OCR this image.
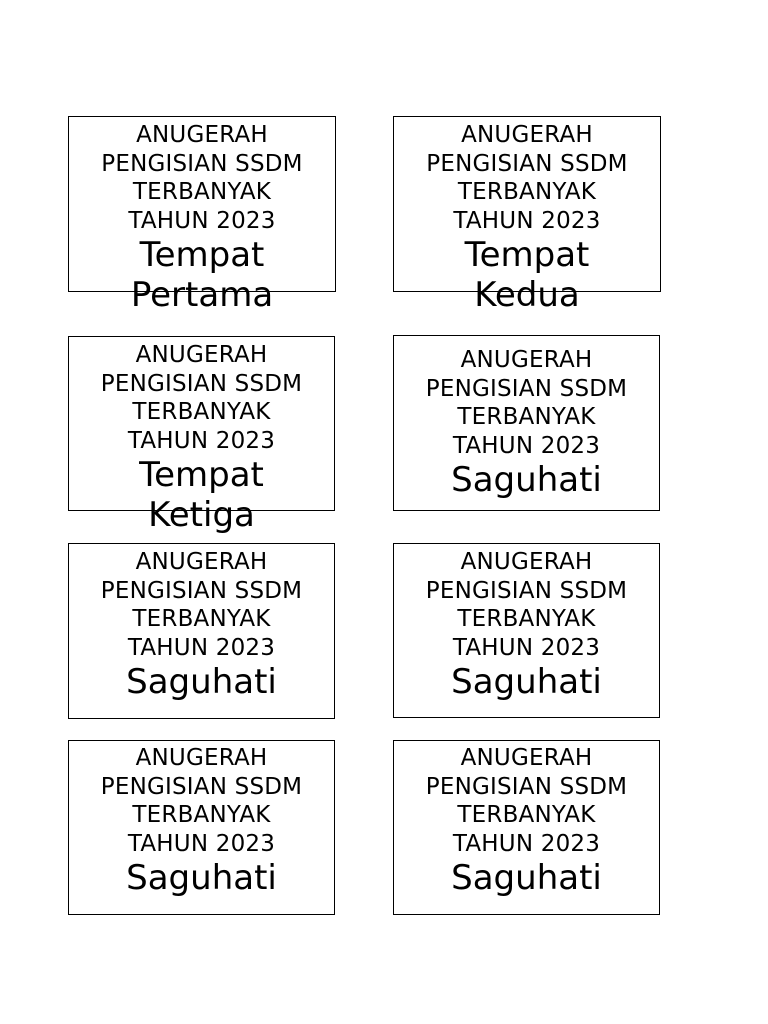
ANUGERAH
PENGISIAN SSDM
TERBANYAK
TAHUN 2023
Tempat
Pertama
ANUGERAH
PENGISIAN SSDM
TERBANYAK
TAHUN 2023
Tempat
Kedua
ANUGERAH
PENGISIAN SSDM
TERBANYAK
TAHUN 2023
Tempat
Ketiga
ANUGERAH
PENGISIAN SSDM
TERBANYAK
TAHUN 2023
Saguhati
ANUGERAH
PENGISIAN SSDM
TERBANYAK
TAHUN 2023
Saguhati
ANUGERAH
PENGISIAN SSDM
TERBANYAK
TAHUN 2023
Saguhati
ANUGERAH
PENGISIAN SSDM
TERBANYAK
TAHUN 2023
Saguhati
ANUGERAH
PENGISIAN SSDM
TERBANYAK
TAHUN 2023
Saguhati
